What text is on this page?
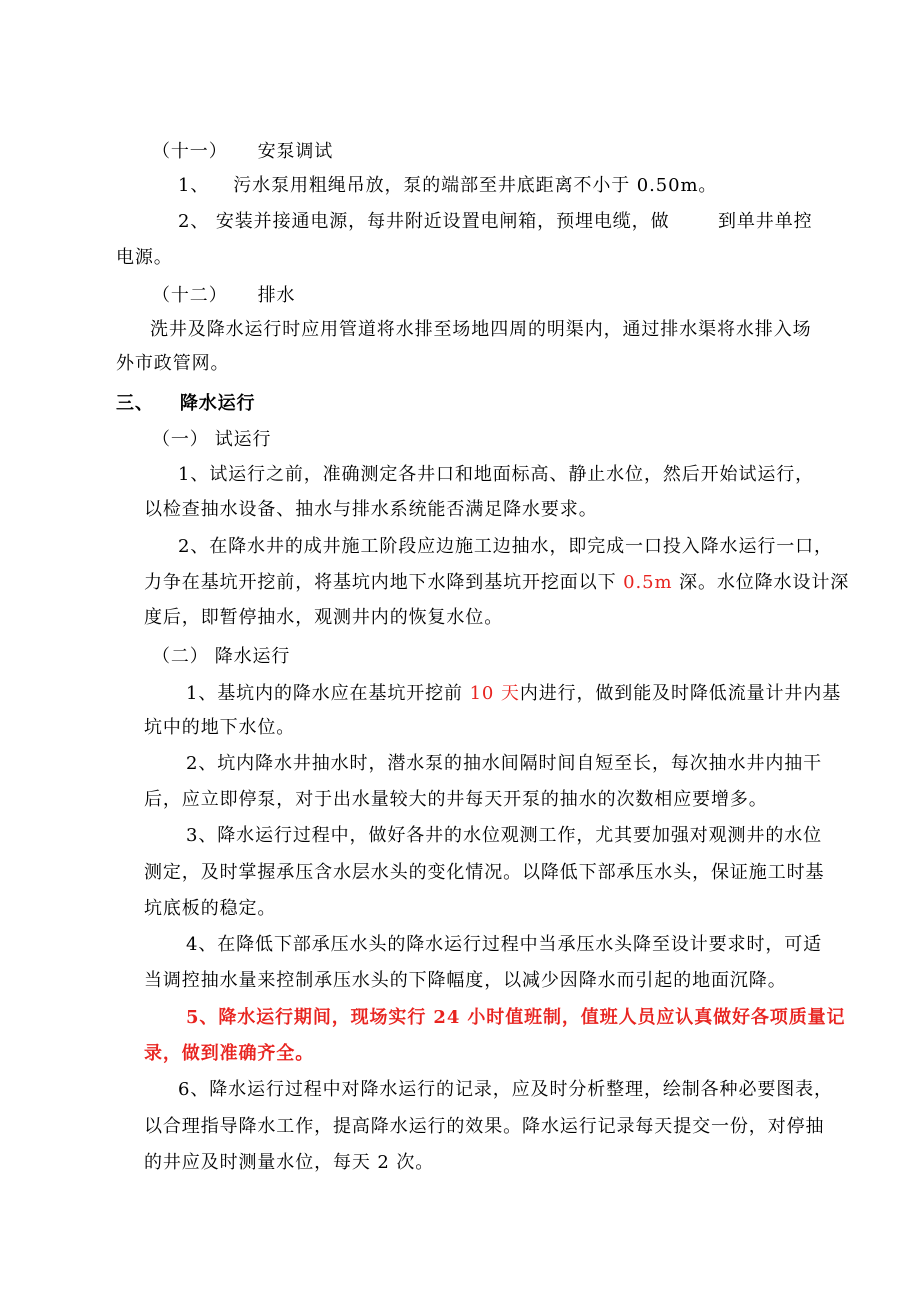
（十一） 安泵调试
1、 污水泵用粗绳吊放，泵的端部至井底距离不小于 0.50m。
2、 安装并接通电源，每井附近设置电闸箱，预埋电缆，做	到单井单控
电源。
（十二） 排水
洗井及降水运行时应用管道将水排至场地四周的明渠内，通过排水渠将水排入场
外市政管网。
三、 降水运行
（一） 试运行
1、试运行之前，准确测定各井口和地面标高、静止水位，然后开始试运行，
以检查抽水设备、抽水与排水系统能否满足降水要求。
2、在降水井的成井施工阶段应边施工边抽水，即完成一口投入降水运行一口，
力争在基坑开挖前，将基坑内地下水降到基坑开挖面以下 0.5m 深。水位降水设计深
度后，即暂停抽水，观测井内的恢复水位。
（二） 降水运行
1、基坑内的降水应在基坑开挖前 10 天内进行，做到能及时降低流量计井内基
坑中的地下水位。
2、坑内降水井抽水时，潜水泵的抽水间隔时间自短至长，每次抽水井内抽干
后，应立即停泵，对于出水量较大的井每天开泵的抽水的次数相应要增多。
3、降水运行过程中，做好各井的水位观测工作，尤其要加强对观测井的水位
测定，及时掌握承压含水层水头的变化情况。以降低下部承压水头，保证施工时基
坑底板的稳定。
4、在降低下部承压水头的降水运行过程中当承压水头降至设计要求时，可适
当调控抽水量来控制承压水头的下降幅度，以减少因降水而引起的地面沉降。
5、降水运行期间，现场实行 24 小时值班制，值班人员应认真做好各项质量记
录，做到准确齐全。
6、降水运行过程中对降水运行的记录，应及时分析整理，绘制各种必要图表，
以合理指导降水工作，提高降水运行的效果。降水运行记录每天提交一份，对停抽
的井应及时测量水位，每天 2 次。
